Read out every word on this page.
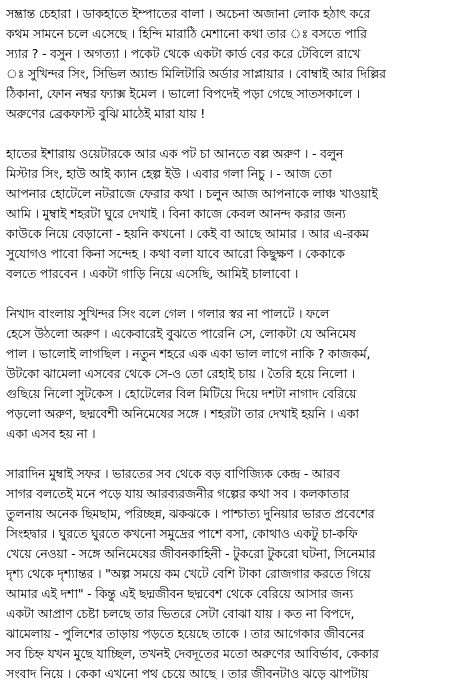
সম্ভ্রান্ত চেহারা । ডাকহাতে ইম্পাতের বালা । অচেনা অজানা লোক হঠাৎ করে
কথম সামনে চলে এসেছে । হিন্দি মারাঠি মেশানো কথা তার ঃ বসতে পারি
স্যার ? - বসুন । অগত্যা । পকেট থেকে একটা কার্ড বের করে টেবিলে রাখে
ঃ সুখিন্দর সিং, সিভিল অ্যান্ড মিলিটারি অর্ডার সাপ্লায়ার । বোম্বাই আর দিল্লির
ঠিকানা, ফোন নম্বর ফ্যাক্স ইমেল । ভালো বিপদেই পড়া গেছে সাতসকালে ।
অরুণের ব্রেকফাস্ট বুঝি মাঠেই মারা যায় !
হাতের ইশারায় ওয়েটারকে আর এক পট চা আনতে বল্ল অরুণ । - বলুন
মিস্টার সিং, হাউ আই ক্যান হেল্প ইউ । এবার গলা নিচু । - আজ তো
আপনার হোটেলে নটরাজে ফেরার কথা । চলুন আজ আপনাকে লাঞ্চ খাওয়াই
আমি । মুম্বাই শহরটা ঘুরে দেখাই । বিনা কাজে কেবল আনন্দ করার জন্য
কাউকে নিয়ে বেড়ানো - হয়নি কখনো । কেই বা আছে আমার । আর এ-রকম
সুযোগও পাবো কিনা সন্দেহ । কথা বলা যাবে আরো কিছুক্ষণ । কেকাকে
বলতে পারবেন । একটা গাড়ি নিয়ে এসেছি, আমিই চালাবো ।
নিখাদ বাংলায় সুখিন্দর সিং বলে গেল । গলার স্বর না পালটে । ফলে
হেসে উঠলো অরুণ । একেবারেই বুঝতে পারেনি সে, লোকটা যে অনিমেষ
পাল । ভালোই লাগছিল । নতুন শহরে এক একা ভাল লাগে নাকি ? কাজকর্ম,
উটকো ঝামেলা এসবের থেকে সে-ও তো রেহাই চায় । তৈরি হয়ে নিলো ।
গুছিয়ে নিলো সুটকেস । হোটেলের বিল মিটিয়ে দিয়ে দশটা নাগাদ বেরিয়ে
পড়লো অরুণ, ছদ্মবেশী অনিমেষের সঙ্গে । শহরটা তার দেখাই হয়নি । একা
একা এসব হয় না ।
সারাদিন মুম্বাই সফর । ভারতের সব থেকে বড় বাণিজ্যিক কেন্দ্র - আরব
সাগর বলতেই মনে পড়ে যায় আরব্যরজনীর গল্পের কথা সব । কলকাতার
তুলনায় অনেক ছিমছাম, পরিচ্ছন্ন, ঝকঝকে । পাশ্চাত্য দুনিয়ার ভারত প্রবেশের
সিংহদ্বার । ঘুরতে ঘুরতে কখনো সমুদ্রের পাশে বসা, কোথাও একটু চা-কফি
খেয়ে নেওয়া - সঙ্গে অনিমেষের জীবনকাহিনী - টুকরো টুকরো ঘটনা, সিনেমার
দৃশ্য থেকে দৃশ্যান্তর । "অল্প সময়ে কম খেটে বেশি টাকা রোজগার করতে গিয়ে
আমার এই দশা" - কিন্তু এই ছদ্মজীবন ছদ্মবেশ থেকে বেরিয়ে আসার জন্য
একটা আপ্রাণ চেষ্টা চলছে তার ভিতরে সেটা বোঝা যায় । কত না বিপদে,
ঝামেলায় - পুলিশের তাড়ায় পড়তে হয়েছে তাকে । তার আগেকার জীবনের
সব চিহ্ন যখন মুছে যাচ্ছিল, তখনই দেবদূতের মতো অরুণের আবির্ভাব, কেকার
সংবাদ নিয়ে । কেকা এখনো পথ চেয়ে আছে । তার জীবনটাও ঝড়ে ঝাপটায়
